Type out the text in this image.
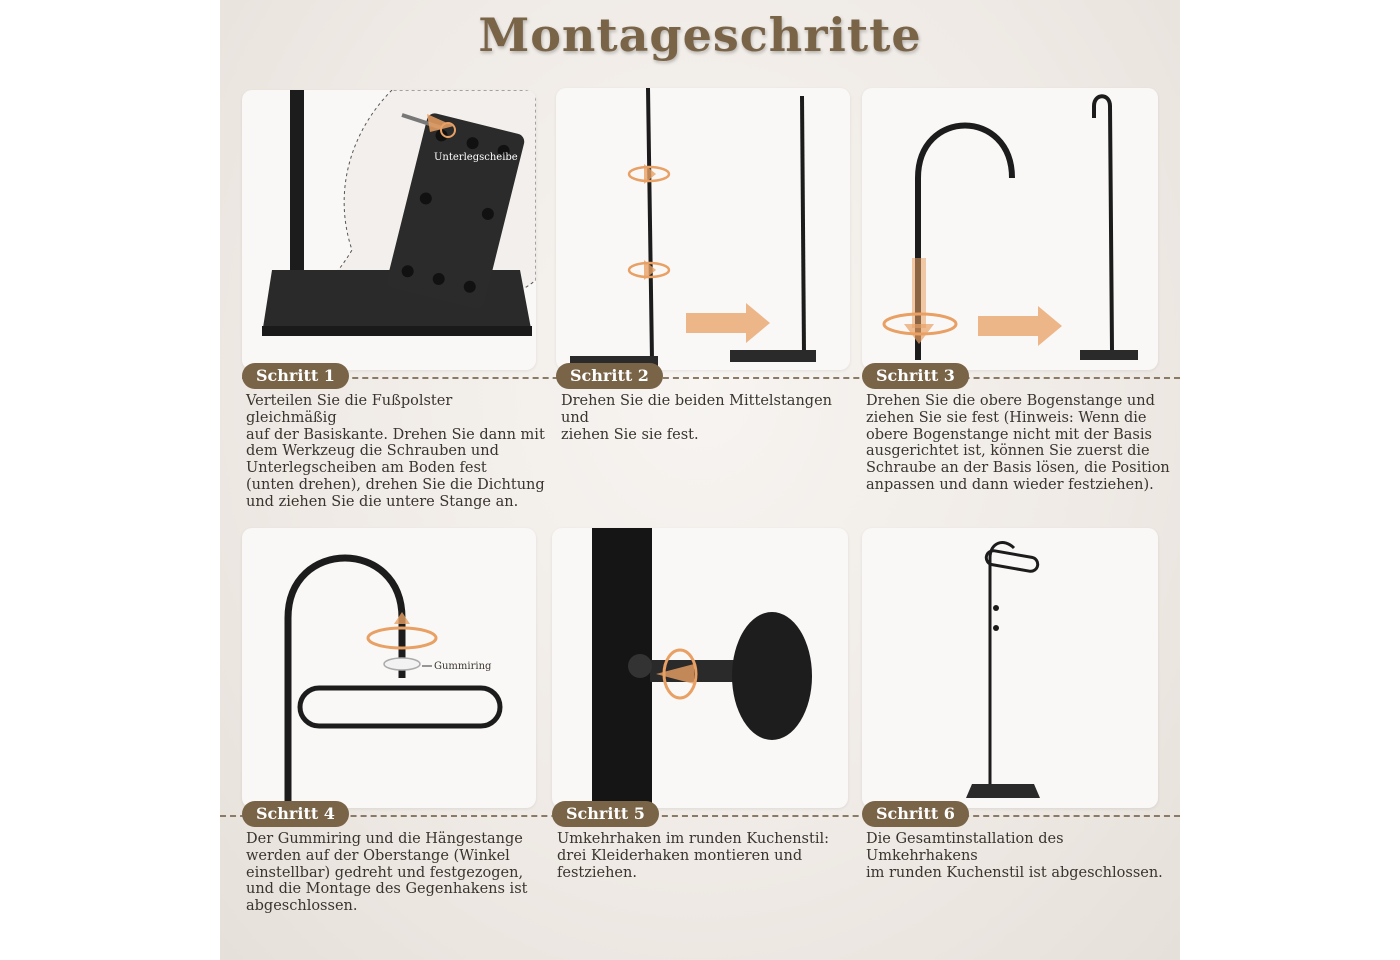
Montageschritte
Unterlegscheibe
Schritt 1	Schritt 2	Schritt 3
Verteilen Sie die Fußpolster gleichmäßig
auf der Basiskante. Drehen Sie dann mit
dem Werkzeug die Schrauben und
Unterlegscheiben am Boden fest
(unten drehen), drehen Sie die Dichtung
und ziehen Sie die untere Stange an.
Drehen Sie die beiden Mittelstangen und
ziehen Sie sie fest.
Drehen Sie die obere Bogenstange und
ziehen Sie sie fest (Hinweis: Wenn die
obere Bogenstange nicht mit der Basis
ausgerichtet ist, können Sie zuerst die
Schraube an der Basis lösen, die Position
anpassen und dann wieder festziehen).
Gummiring
Schritt 4	Schritt 5	Schritt 6
Der Gummiring und die Hängestange
werden auf der Oberstange (Winkel
einstellbar) gedreht und festgezogen,
und die Montage des Gegenhakens ist
abgeschlossen.
Umkehrhaken im runden Kuchenstil:
drei Kleiderhaken montieren und
festziehen.
Die Gesamtinstallation des Umkehrhakens
im runden Kuchenstil ist abgeschlossen.
